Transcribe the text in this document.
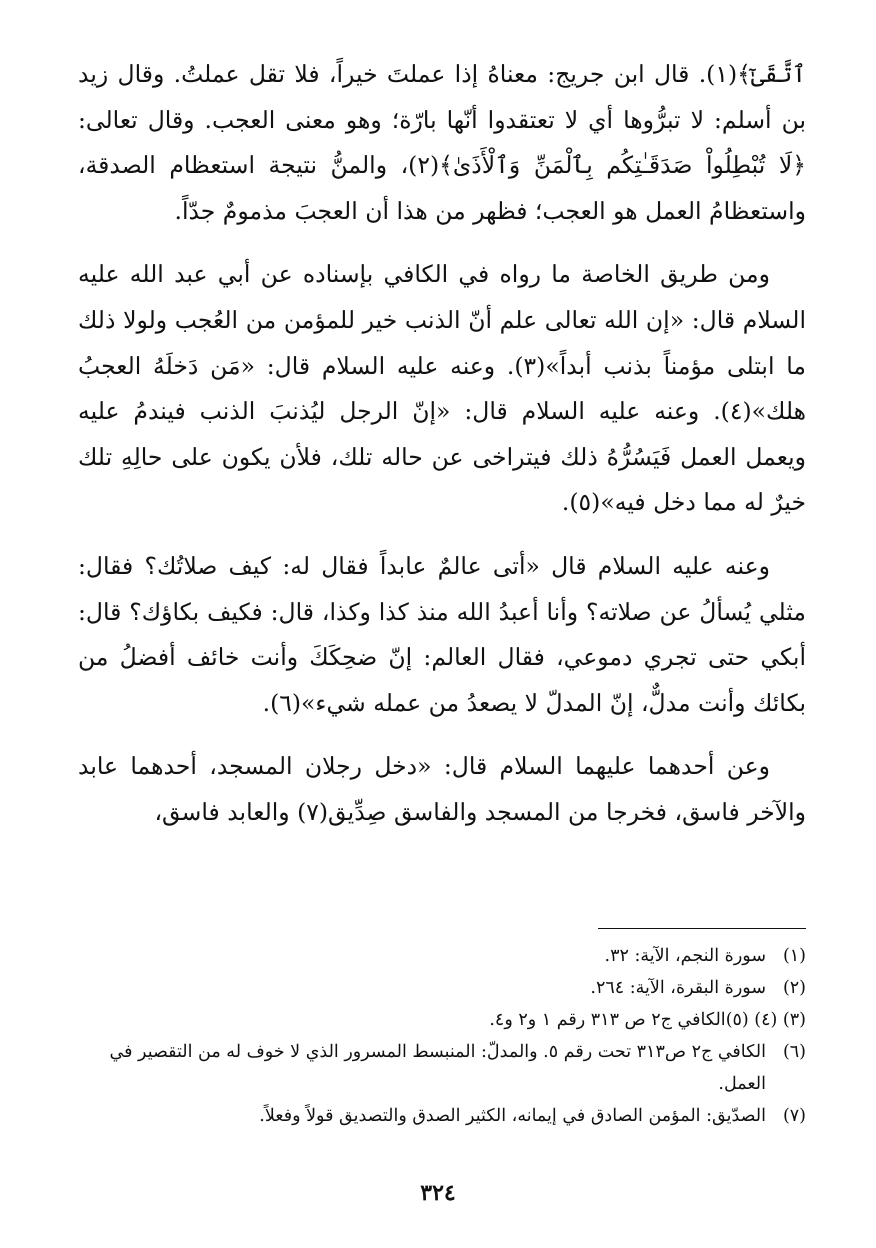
ٱتَّقَىٰٓ﴾(١). قال ابن جريج: معناهُ إذا عملتَ خيراً، فلا تقل عملتُ. وقال زيد بن أسلم: لا تبرُّوها أي لا تعتقدوا أنّها بارّة؛ وهو معنى العجب. وقال تعالى: ﴿لَا تُبْطِلُواْ صَدَقَـٰتِكُم بِٱلْمَنِّ وَٱلْأَذَىٰ﴾(٢)، والمنُّ نتيجة استعظام الصدقة، واستعظامُ العمل هو العجب؛ فظهر من هذا أن العجبَ مذمومٌ جدّاً.

ومن طريق الخاصة ما رواه في الكافي بإسناده عن أبي عبد الله عليه السلام قال: «إن الله تعالى علم أنّ الذنب خير للمؤمن من العُجب ولولا ذلك ما ابتلى مؤمناً بذنب أبداً»(٣). وعنه عليه السلام قال: «مَن دَخلَهُ العجبُ هلك»(٤). وعنه عليه السلام قال: «إنّ الرجل ليُذنبَ الذنب فيندمُ عليه ويعمل العمل فَيَسُرُّهُ ذلك فيتراخى عن حاله تلك، فلأن يكون على حالِهِ تلك خيرٌ له مما دخل فيه»(٥).

وعنه عليه السلام قال «أتى عالمٌ عابداً فقال له: كيف صلاتُك؟ فقال: مثلي يُسألُ عن صلاته؟ وأنا أعبدُ الله منذ كذا وكذا، قال: فكيف بكاؤك؟ قال: أبكي حتى تجري دموعي، فقال العالم: إنّ ضحِكَكَ وأنت خائف أفضلُ من بكائك وأنت مدلٌّ، إنّ المدلّ لا يصعدُ من عمله شيء»(٦).

وعن أحدهما عليهما السلام قال: «دخل رجلان المسجد، أحدهما عابد والآخر فاسق، فخرجا من المسجد والفاسق صِدِّيق(٧) والعابد فاسق،

(١)
سورة النجم، الآية: ٣٢.
(٢)
سورة البقرة، الآية: ٢٦٤.
(٣) (٤) (٥)
الكافي ج٢ ص ٣١٣ رقم ١ و٢ و٤.
(٦)
الكافي ج٢ ص٣١٣ تحت رقم ٥. والمدلّ: المنبسط المسرور الذي لا خوف له من التقصير في العمل.
(٧)
الصدّيق: المؤمن الصادق في إيمانه، الكثير الصدق والتصديق قولاً وفعلاً.
٣٢٤
